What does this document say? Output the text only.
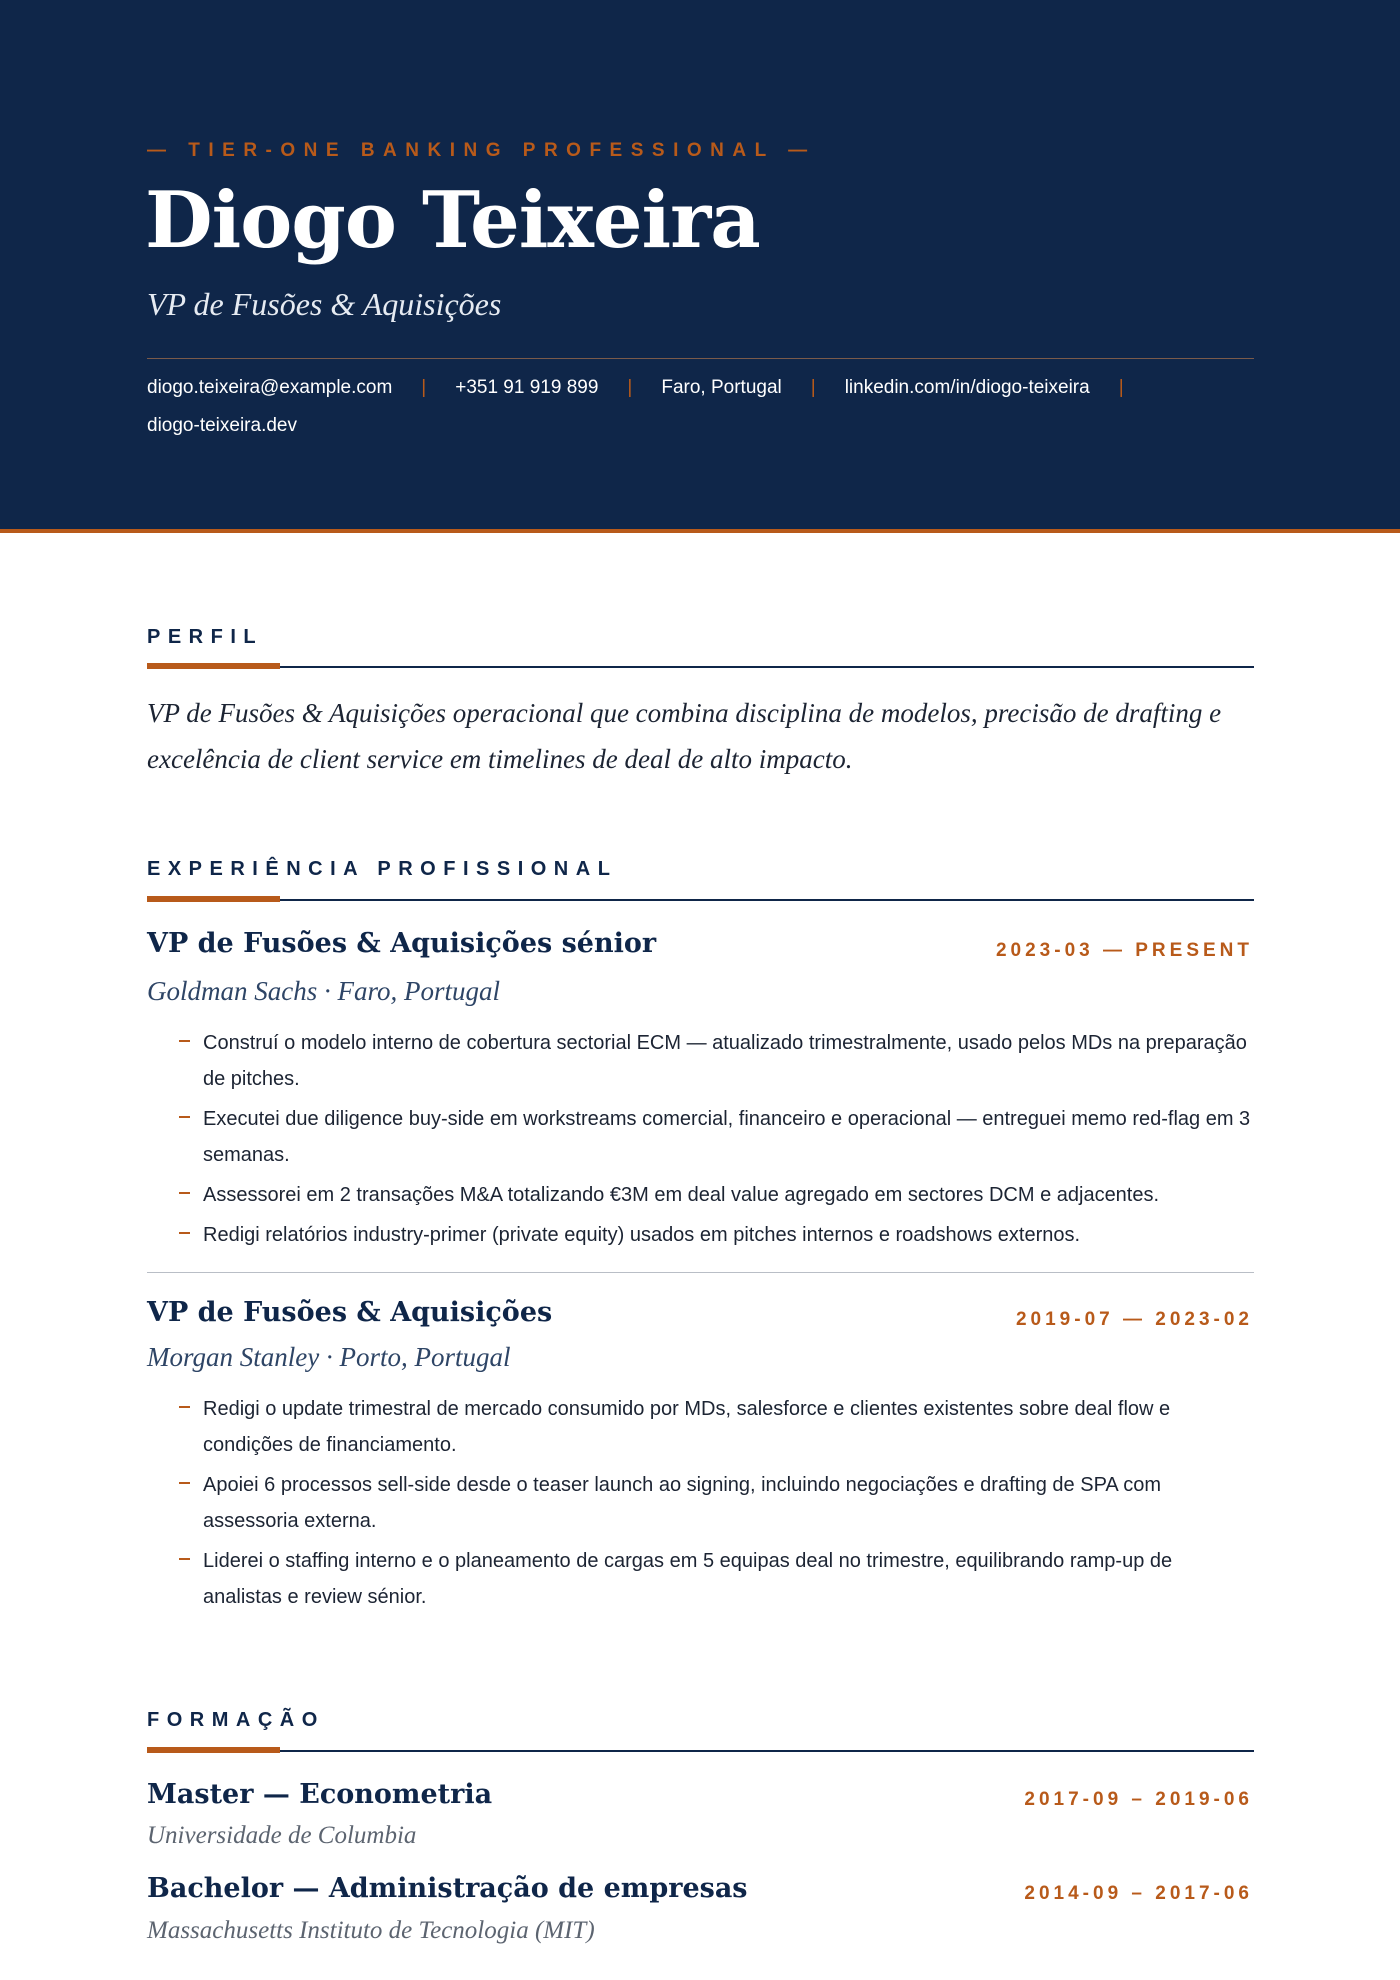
— TIER-ONE BANKING PROFESSIONAL —
Diogo Teixeira
VP de Fusões & Aquisições
diogo.teixeira@example.com | +351 91 919 899 | Faro, Portugal | linkedin.com/in/diogo-teixeira |
diogo-teixeira.dev
PERFIL
VP de Fusões & Aquisições operacional que combina disciplina de modelos, precisão de drafting e excelência de client service em timelines de deal de alto impacto.
EXPERIÊNCIA PROFISSIONAL
VP de Fusões & Aquisições sénior	2023-03 — PRESENT
Goldman Sachs · Faro, Portugal
Construí o modelo interno de cobertura sectorial ECM — atualizado trimestralmente, usado pelos MDs na preparação de pitches.
Executei due diligence buy-side em workstreams comercial, financeiro e operacional — entreguei memo red-flag em 3 semanas.
Assessorei em 2 transações M&A totalizando €3M em deal value agregado em sectores DCM e adjacentes.
Redigi relatórios industry-primer (private equity) usados em pitches internos e roadshows externos.
VP de Fusões & Aquisições	2019-07 — 2023-02
Morgan Stanley · Porto, Portugal
Redigi o update trimestral de mercado consumido por MDs, salesforce e clientes existentes sobre deal flow e condições de financiamento.
Apoiei 6 processos sell-side desde o teaser launch ao signing, incluindo negociações e drafting de SPA com assessoria externa.
Liderei o staffing interno e o planeamento de cargas em 5 equipas deal no trimestre, equilibrando ramp-up de analistas e review sénior.
FORMAÇÃO
Master — Econometria	2017-09 – 2019-06
Universidade de Columbia
Bachelor — Administração de empresas	2014-09 – 2017-06
Massachusetts Instituto de Tecnologia (MIT)
